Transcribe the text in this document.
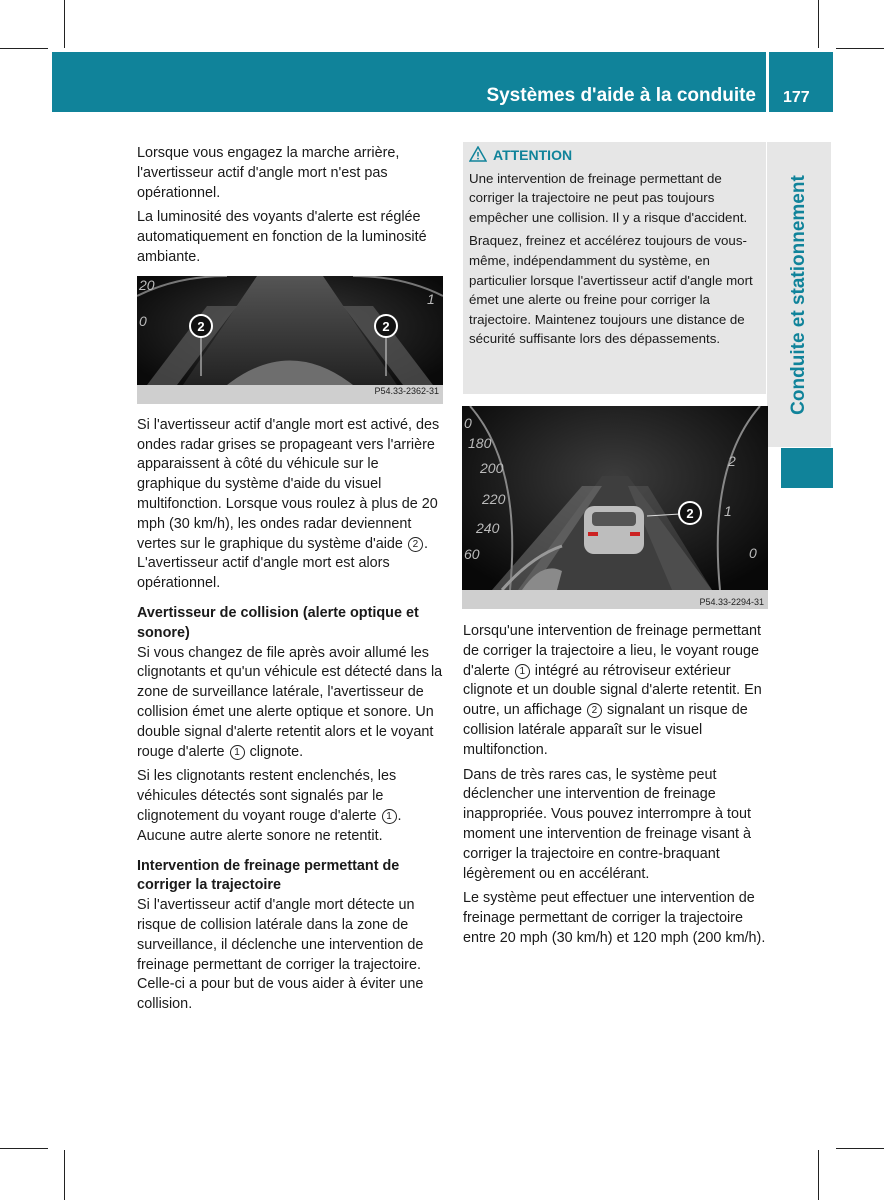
Systèmes d'aide à la conduite 177
Conduite et stationnement

Lorsque vous engagez la marche arrière, l'avertisseur actif d'angle mort n'est pas opérationnel.

La luminosité des voyants d'alerte est réglée automatiquement en fonction de la luminosité ambiante.

2	2
20
0
1
P54.33-2362-31

Si l'avertisseur actif d'angle mort est activé, des ondes radar grises se propageant vers l'arrière apparaissent à côté du véhicule sur le graphique du système d'aide du visuel multifonction. Lorsque vous roulez à plus de 20 mph (30 km/h), les ondes radar deviennent vertes sur le graphique du système d'aide 2 . L'avertisseur actif d'angle mort est alors opérationnel.

Avertisseur de collision (alerte optique et sonore)

Si vous changez de file après avoir allumé les clignotants et qu'un véhicule est détecté dans la zone de surveillance latérale, l'avertisseur de collision émet une alerte optique et sonore. Un double signal d'alerte retentit alors et le voyant rouge d'alerte 1 clignote.

Si les clignotants restent enclenchés, les véhicules détectés sont signalés par le clignotement du voyant rouge d'alerte 1 . Aucune autre alerte sonore ne retentit.

Intervention de freinage permettant de corriger la trajectoire

Si l'avertisseur actif d'angle mort détecte un risque de collision latérale dans la zone de surveillance, il déclenche une intervention de freinage permettant de corriger la trajectoire. Celle-ci a pour but de vous aider à éviter une collision.

ATTENTION

Une intervention de freinage permettant de corriger la trajectoire ne peut pas toujours empêcher une collision. Il y a risque d'accident.

Braquez, freinez et accélérez toujours de vous-même, indépendamment du système, en particulier lorsque l'avertisseur actif d'angle mort émet une alerte ou freine pour corriger la trajectoire. Maintenez toujours une distance de sécurité suffisante lors des dépassements.

2
0
180
200
220
240
60
2
1
0
P54.33-2294-31

Lorsqu'une intervention de freinage permettant de corriger la trajectoire a lieu, le voyant rouge d'alerte 1 intégré au rétroviseur extérieur clignote et un double signal d'alerte retentit. En outre, un affichage 2 signalant un risque de collision latérale apparaît sur le visuel multifonction.

Dans de très rares cas, le système peut déclencher une intervention de freinage inappropriée. Vous pouvez interrompre à tout moment une intervention de freinage visant à corriger la trajectoire en contre-braquant légèrement ou en accélérant.

Le système peut effectuer une intervention de freinage permettant de corriger la trajectoire entre 20 mph (30 km/h) et 120 mph (200 km/h).
